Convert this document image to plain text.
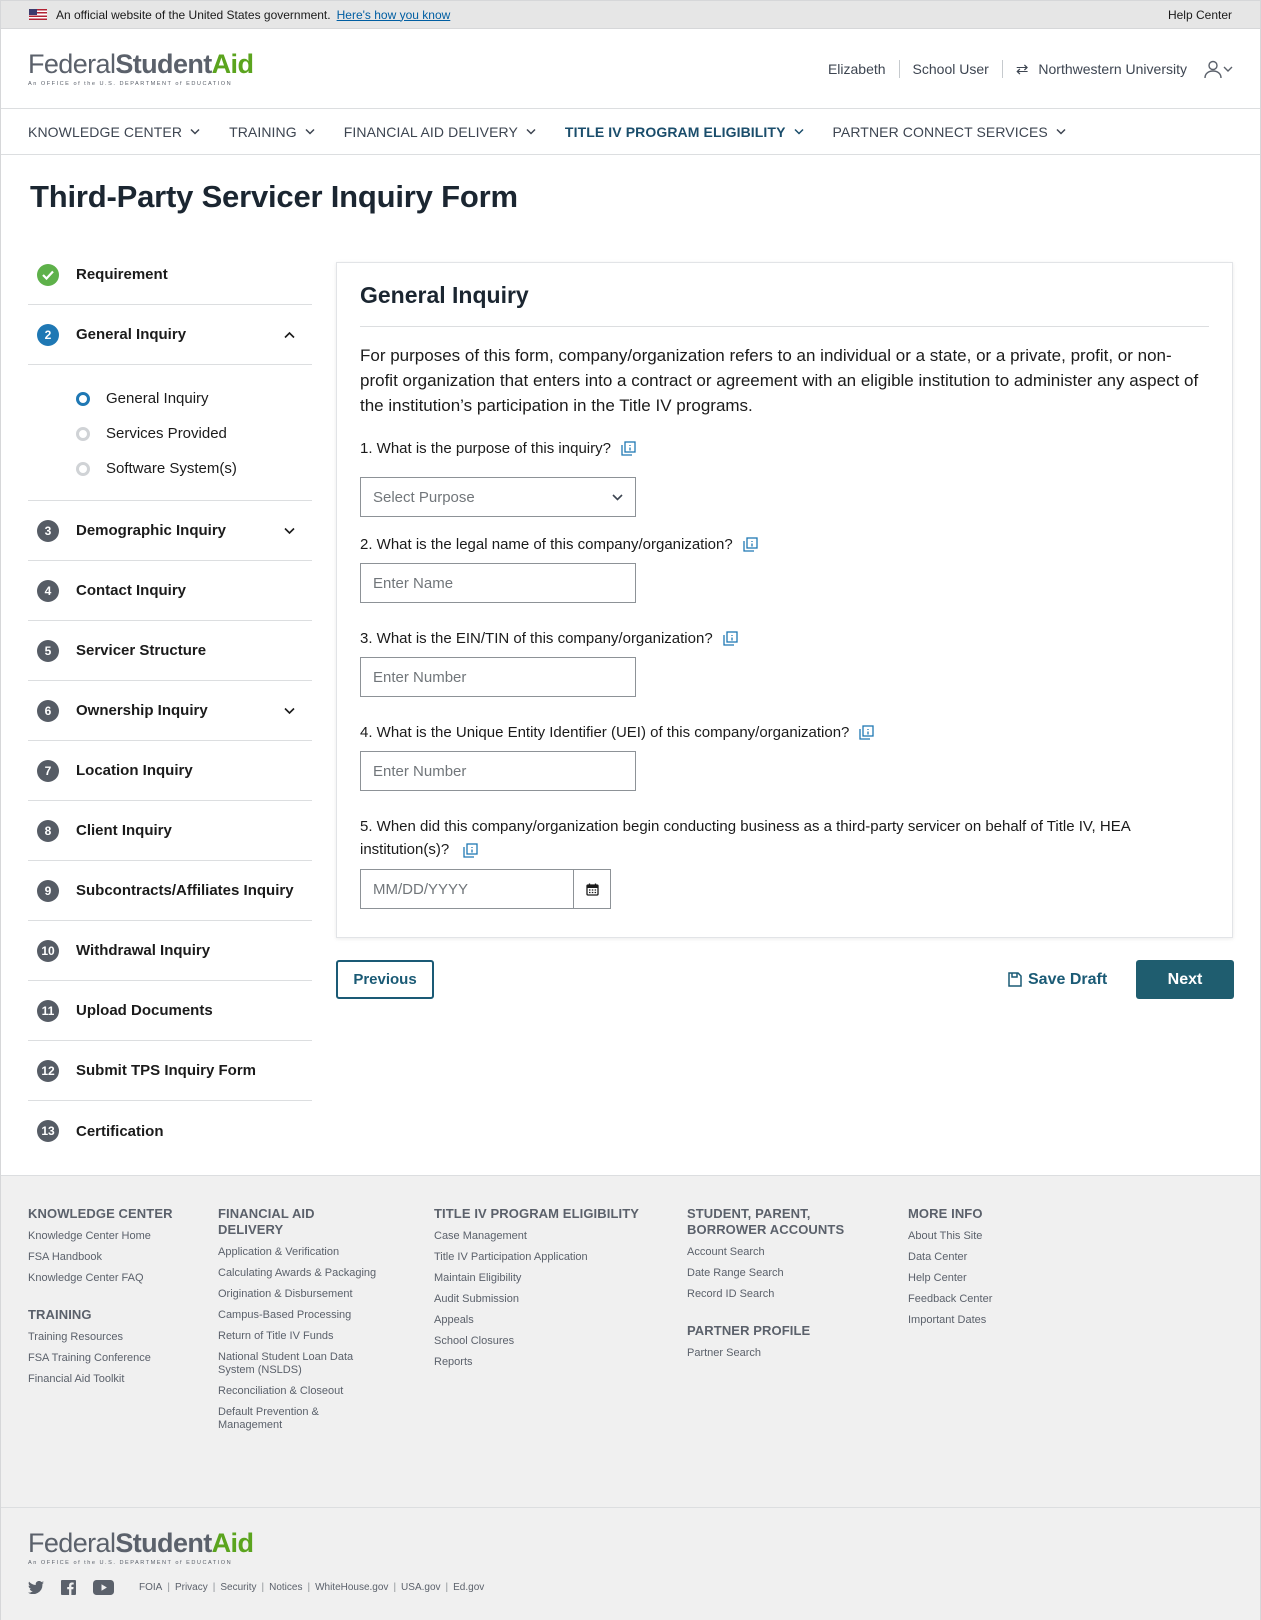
An official website of the United States government. Here's how you know	Help Center
FederalStudentAid
An OFFICE of the U.S. DEPARTMENT of EDUCATION
Elizabeth School User ⇄ Northwestern University
KNOWLEDGE CENTER	TRAINING	FINANCIAL AID DELIVERY	TITLE IV PROGRAM ELIGIBILITY	PARTNER CONNECT SERVICES
Third-Party Servicer Inquiry Form
Requirement
2	General Inquiry
General Inquiry
Services Provided
Software System(s)
3	Demographic Inquiry
4	Contact Inquiry
5	Servicer Structure
6	Ownership Inquiry
7	Location Inquiry
8	Client Inquiry
9	Subcontracts/Affiliates Inquiry
10 Withdrawal Inquiry
11	Upload Documents
12 Submit TPS Inquiry Form
13 Certification
General Inquiry

For purposes of this form, company/organization refers to an individual or a state, or a private, profit, or non-profit organization that enters into a contract or agreement with an eligible institution to administer any aspect of the institution’s participation in the Title IV programs.

1. What is the purpose of this inquiry?
Select Purpose
2. What is the legal name of this company/organization?
Enter Name
3. What is the EIN/TIN of this company/organization?
Enter Number
4. What is the Unique Entity Identifier (UEI) of this company/organization?
Enter Number
5. When did this company/organization begin conducting business as a third-party servicer on behalf of Title IV, HEA institution(s)?
MM/DD/YYYY
Previous	Save Draft	Next
KNOWLEDGE CENTER
Knowledge Center Home
FSA Handbook
Knowledge Center FAQ
TRAINING
Training Resources
FSA Training Conference
Financial Aid Toolkit
FINANCIAL AID DELIVERY
Application & Verification
Calculating Awards & Packaging
Origination & Disbursement
Campus-Based Processing
Return of Title IV Funds
National Student Loan Data System (NSLDS)
Reconciliation & Closeout
Default Prevention & Management
TITLE IV PROGRAM ELIGIBILITY
Case Management
Title IV Participation Application
Maintain Eligibility
Audit Submission
Appeals
School Closures
Reports
STUDENT, PARENT, BORROWER ACCOUNTS
Account Search
Date Range Search
Record ID Search
PARTNER PROFILE
Partner Search
MORE INFO
About This Site
Data Center
Help Center
Feedback Center
Important Dates
FederalStudentAid
An OFFICE of the U.S. DEPARTMENT of EDUCATION
FOIA | Privacy | Security | Notices | WhiteHouse.gov | USA.gov | Ed.gov
